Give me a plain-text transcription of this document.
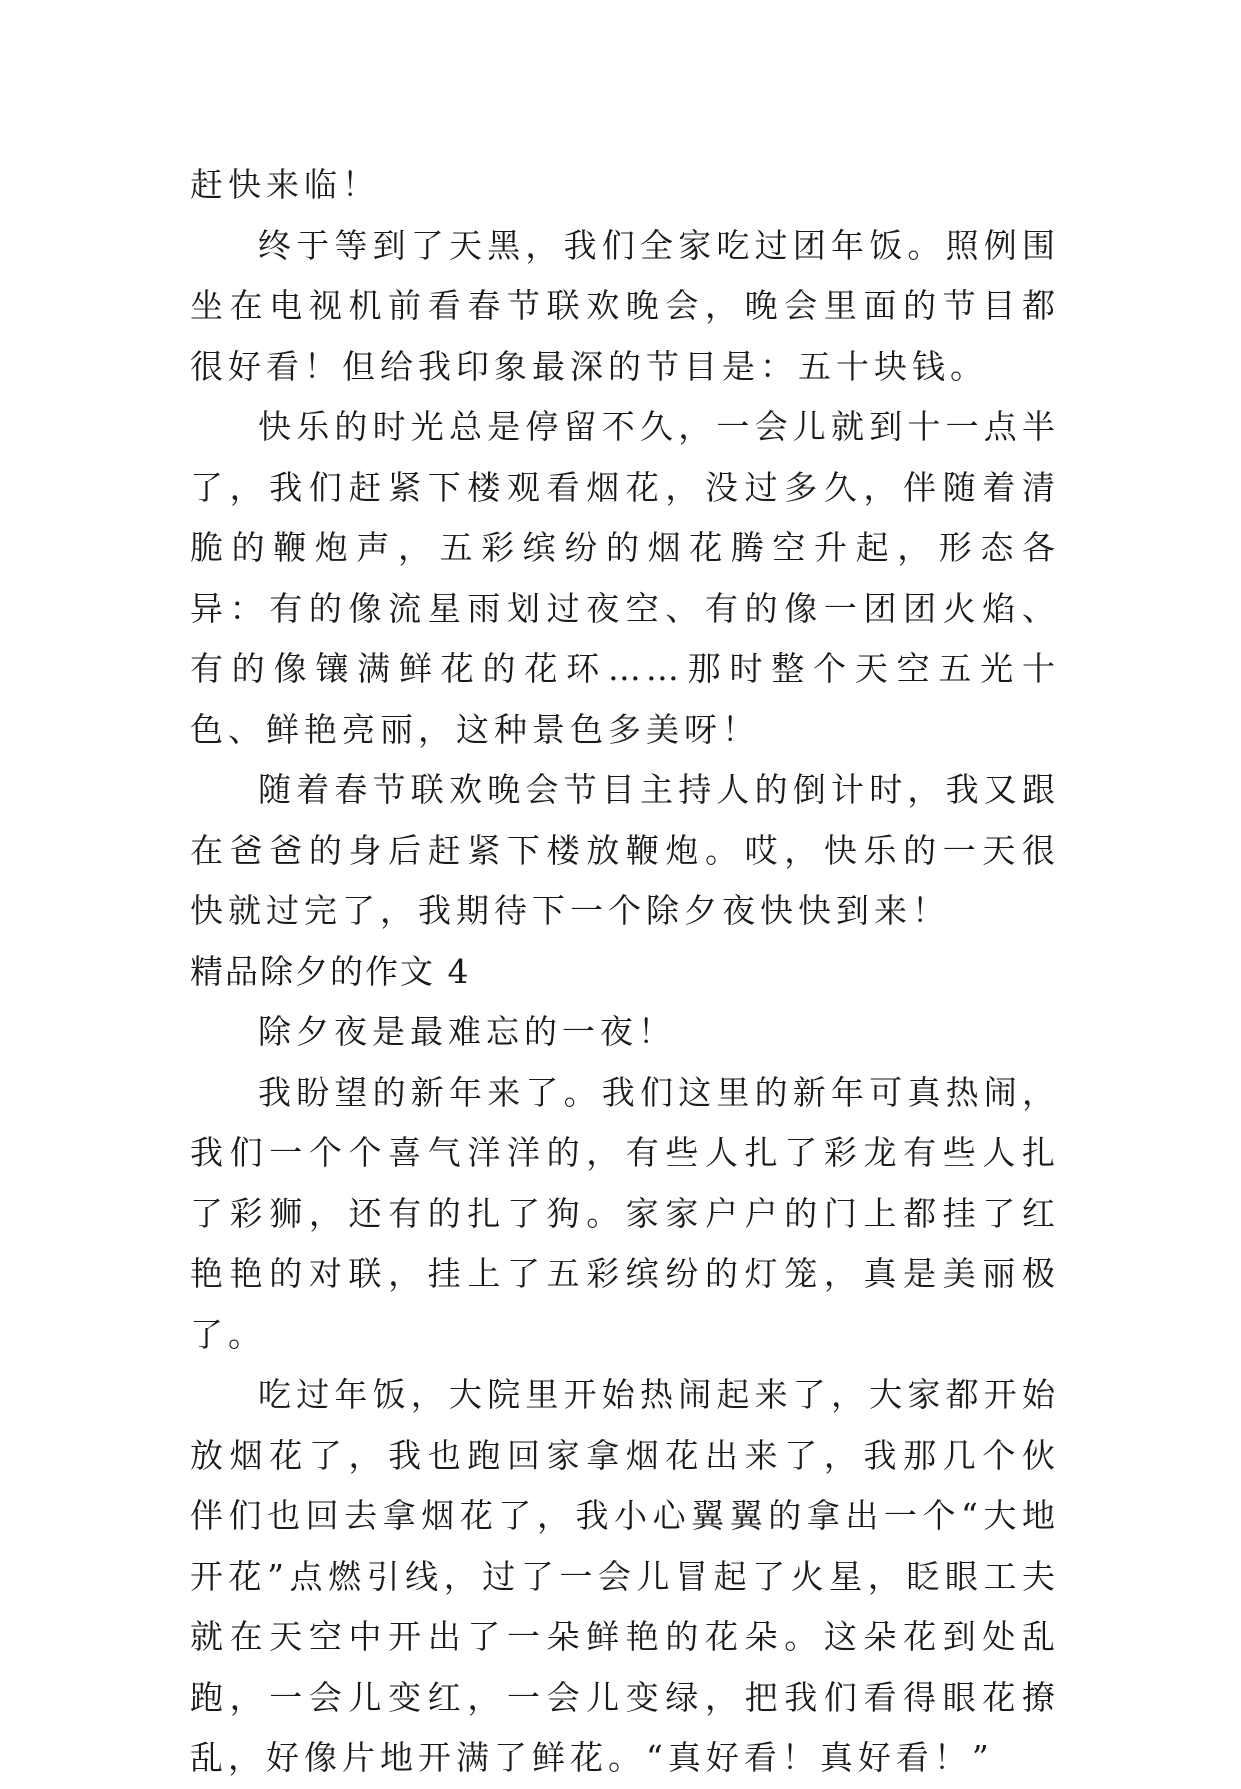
赶快来临！

终于等到了天黑，我们全家吃过团年饭。照例围坐在电视机前看春节联欢晚会，晚会里面的节目都很好看！但给我印象最深的节目是：五十块钱。

快乐的时光总是停留不久，一会儿就到十一点半了，我们赶紧下楼观看烟花，没过多久，伴随着清脆的鞭炮声，五彩缤纷的烟花腾空升起，形态各异：有的像流星雨划过夜空、有的像一团团火焰、有的像镶满鲜花的花环……那时整个天空五光十色、鲜艳亮丽，这种景色多美呀！

随着春节联欢晚会节目主持人的倒计时，我又跟在爸爸的身后赶紧下楼放鞭炮。哎，快乐的一天很快就过完了，我期待下一个除夕夜快快到来！

精品除夕的作文 4

除夕夜是最难忘的一夜！

我盼望的新年来了。我们这里的新年可真热闹，我们一个个喜气洋洋的，有些人扎了彩龙有些人扎了彩狮，还有的扎了狗。家家户户的门上都挂了红艳艳的对联，挂上了五彩缤纷的灯笼，真是美丽极了。

吃过年饭，大院里开始热闹起来了，大家都开始放烟花了，我也跑回家拿烟花出来了，我那几个伙伴们也回去拿烟花了，我小心翼翼的拿出一个“大地开花”点燃引线，过了一会儿冒起了火星，眨眼工夫就在天空中开出了一朵鲜艳的花朵。这朵花到处乱跑，一会儿变红，一会儿变绿，把我们看得眼花撩乱，好像片地开满了鲜花。“真好看！真好看！”
